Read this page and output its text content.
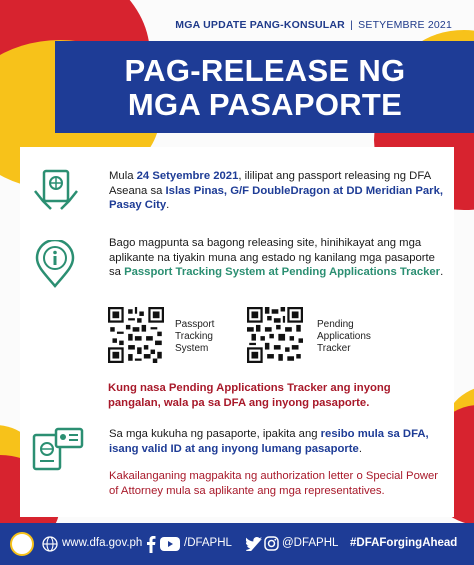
MGA UPDATE PANG-KONSULAR | SETYEMBRE 2021
PAG-RELEASE NG
MGA PASAPORTE
Mula 24 Setyembre 2021, ililipat ang passport releasing ng DFA Aseana sa Islas Pinas, G/F DoubleDragon at DD Meridian Park, Pasay City.
Bago magpunta sa bagong releasing site, hinihikayat ang mga aplikante na tiyakin muna ang estado ng kanilang mga pasaporte sa Passport Tracking System at Pending Applications Tracker.
Passport
Tracking
System
Pending
Applications
Tracker
Kung nasa Pending Applications Tracker ang inyong pangalan, wala pa sa DFA ang inyong pasaporte.
Sa mga kukuha ng pasaporte, ipakita ang resibo mula sa DFA, isang valid ID at ang inyong lumang pasaporte.
Kakailanganing magpakita ng authorization letter o Special Power of Attorney mula sa aplikante ang mga representatives.
www.dfa.gov.ph	/DFAPHL	@DFAPHL #DFAForgingAhead
